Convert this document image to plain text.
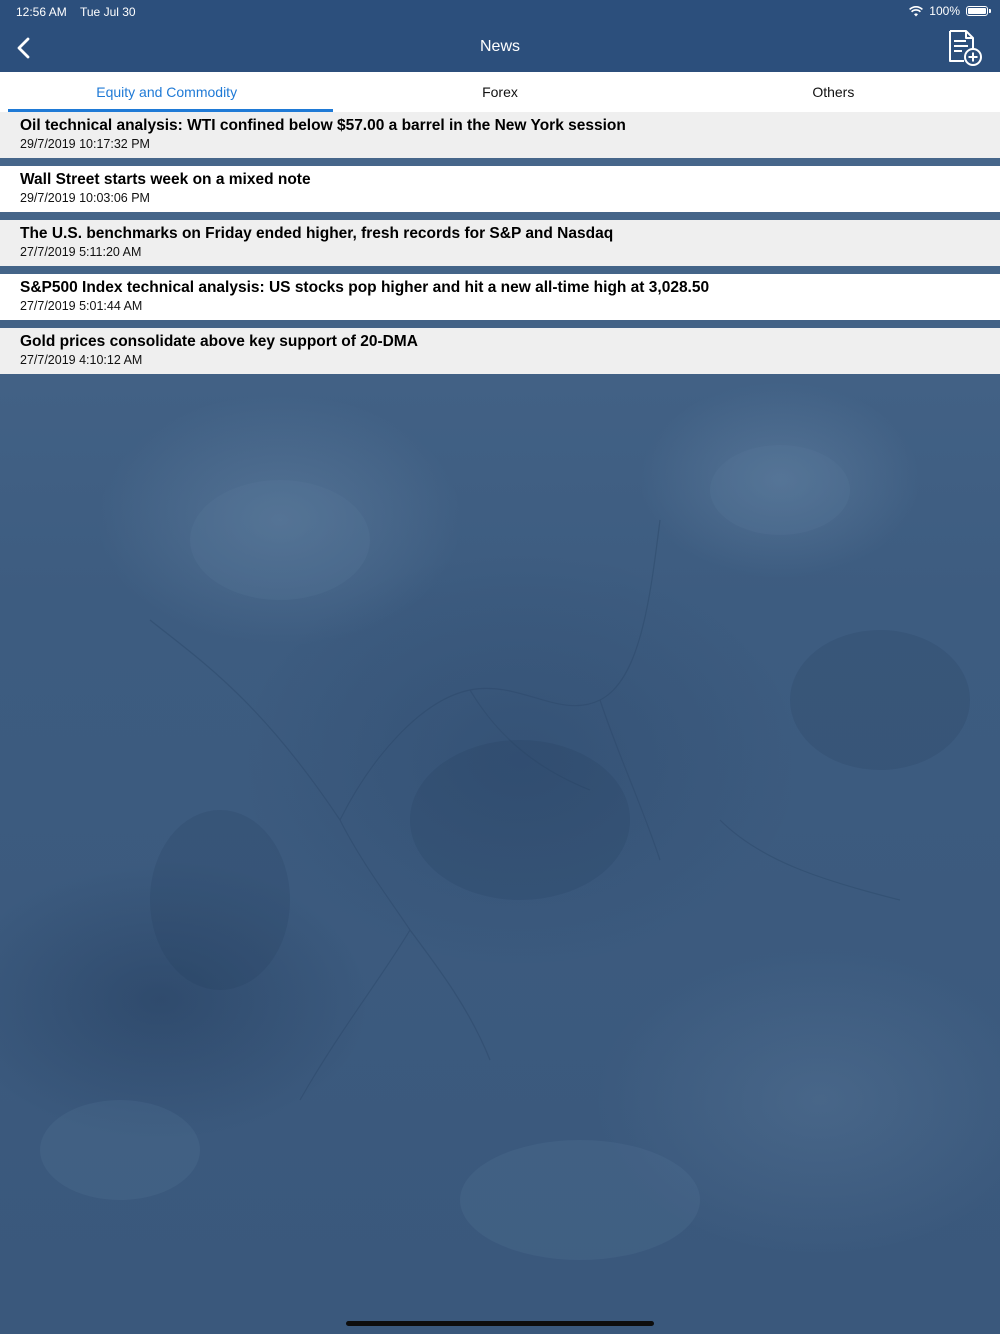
12:56 AM Tue Jul 30	100%
News
Equity and Commodity	Forex	Others
Oil technical analysis: WTI confined below $57.00 a barrel in the New York session
29/7/2019 10:17:32 PM
Wall Street starts week on a mixed note
29/7/2019 10:03:06 PM
The U.S. benchmarks on Friday ended higher, fresh records for S&P and Nasdaq
27/7/2019 5:11:20 AM
S&P500 Index technical analysis: US stocks pop higher and hit a new all-time high at 3,028.50
27/7/2019 5:01:44 AM
Gold prices consolidate above key support of 20-DMA
27/7/2019 4:10:12 AM
